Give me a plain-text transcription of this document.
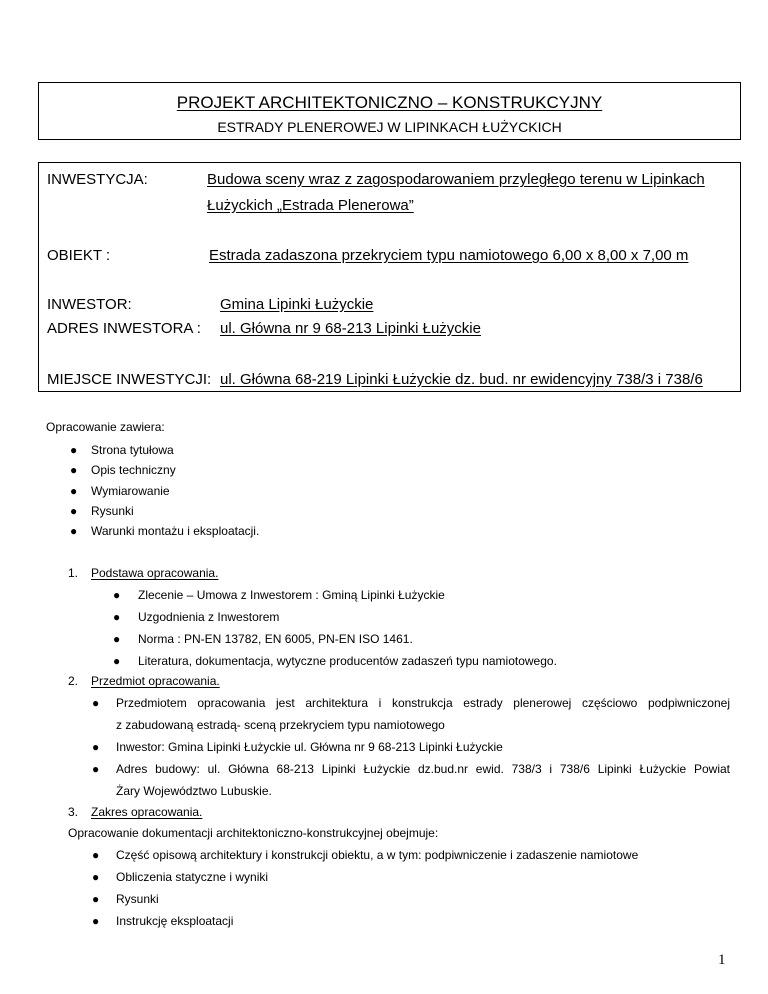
PROJEKT ARCHITEKTONICZNO – KONSTRUKCYJNY
ESTRADY PLENEROWEJ W LIPINKACH ŁUŻYCKICH
INWESTYCJA:	Budowa sceny wraz z zagospodarowaniem przyległego terenu w Lipinkach
Łużyckich „Estrada Plenerowa”
OBIEKT :	Estrada zadaszona przekryciem typu namiotowego 6,00 x 8,00 x 7,00 m
INWESTOR:	Gmina Lipinki Łużyckie
ADRES INWESTORA : ul. Główna nr 9 68-213 Lipinki Łużyckie
MIEJSCE INWESTYCJI: ul. Główna 68-219 Lipinki Łużyckie dz. bud. nr ewidencyjny 738/3 i 738/6
Opracowanie zawiera:
● Strona tytułowa
● Opis techniczny
● Wymiarowanie
● Rysunki
● Warunki montażu i eksploatacji.
1. Podstawa opracowania.
● Zlecenie – Umowa z Inwestorem : Gminą Lipinki Łużyckie
● Uzgodnienia z Inwestorem
● Norma : PN-EN 13782, EN 6005, PN-EN ISO 1461.
● Literatura, dokumentacja, wytyczne producentów zadaszeń typu namiotowego.
2. Przedmiot opracowania.
● Przedmiotem opracowania jest architektura i konstrukcja estrady plenerowej częściowo podpiwniczonej
z zabudowaną estradą- sceną przekryciem typu namiotowego
● Inwestor: Gmina Lipinki Łużyckie ul. Główna nr 9 68-213 Lipinki Łużyckie
● Adres budowy: ul. Główna 68-213 Lipinki Łużyckie dz.bud.nr ewid. 738/3 i 738/6 Lipinki Łużyckie Powiat
Żary Województwo Lubuskie.
3. Zakres opracowania.
Opracowanie dokumentacji architektoniczno-konstrukcyjnej obejmuje:
● Część opisową architektury i konstrukcji obiektu, a w tym: podpiwniczenie i zadaszenie namiotowe
● Obliczenia statyczne i wyniki
● Rysunki
● Instrukcję eksploatacji
1
